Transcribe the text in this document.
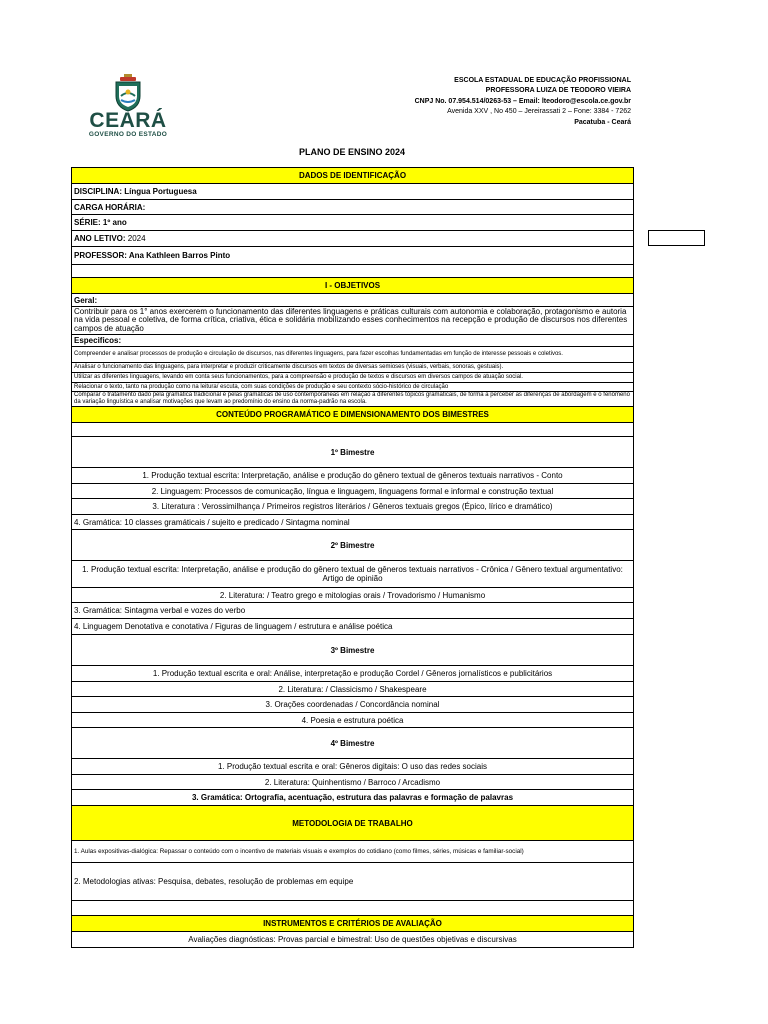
CEARÁ
GOVERNO DO ESTADO
ESCOLA ESTADUAL DE EDUCAÇÃO PROFISSIONAL
PROFESSORA LUIZA DE TEODORO VIEIRA
CNPJ No. 07.954.514/0263-53 – Email: lteodoro@escola.ce.gov.br
Avenida XXV , No 450 – Jereirassati 2 – Fone: 3384 - 7262
Pacatuba - Ceará
PLANO DE ENSINO 2024
DADOS DE IDENTIFICAÇÃO
DISCIPLINA: Língua Portuguesa
CARGA HORÁRIA:
SÉRIE: 1º ano
ANO LETIVO: 2024
PROFESSOR: Ana Kathleen Barros Pinto

I - OBJETIVOS
Geral:
Contribuir para os 1° anos exercerem o funcionamento das diferentes linguagens e práticas culturais com autonomia e colaboração, protagonismo e autoria na vida pessoal e coletiva, de forma crítica, criativa, ética e solidária mobilizando esses conhecimentos na recepção e produção de discursos nos diferentes campos de atuação
Especificos:
Compreender e analisar processos de produção e circulação de discursos, nas diferentes linguagens, para fazer escolhas fundamentadas em função de interesse pessoais e coletivos.
Analisar o funcionamento das linguagens, para interpretar e produzir criticamente discursos em textos de diversas semioses (visuais, verbais, sonoras, gestuais).
Utilizar as diferentes linguagens, levando em conta seus funcionamentos, para a compreensão e produção de textos e discursos em diversos campos de atuação social.
Relacionar o texto, tanto na produção como na leitura/ escuta, com suas condições de produção e seu contexto sócio-histórico de circulação
Comparar o tratamento dado pela gramática tradicional e pelas gramáticas de uso contemporâneas em relação a diferentes tópicos gramaticais, de forma a perceber as diferenças de abordagem e o fenômeno da variação linguística e analisar motivações que levam ao predomínio do ensino da norma-padrão na escola.
CONTEÚDO PROGRAMÁTICO E DIMENSIONAMENTO DOS BIMESTRES

1º Bimestre
1. Produção textual escrita: Interpretação, análise e produção do gênero textual de gêneros textuais narrativos - Conto
2. Linguagem: Processos de comunicação, língua e linguagem, linguagens formal e informal e construção textual
3. Literatura : Verossimilhança / Primeiros registros literários / Gêneros textuais gregos (Épico, lírico e dramático)
4. Gramática: 10 classes gramáticais / sujeito e predicado / Sintagma nominal
2º Bimestre
1. Produção textual escrita: Interpretação, análise e produção do gênero textual de gêneros textuais narrativos - Crônica / Gênero textual argumentativo: Artigo de opinião
2. Literatura: / Teatro grego e mitologias orais / Trovadorismo / Humanismo
3. Gramática: Sintagma verbal e vozes do verbo
4. Linguagem Denotativa e conotativa / Figuras de linguagem / estrutura e análise poética
3º Bimestre
1. Produção textual escrita e oral: Análise, interpretação e produção Cordel / Gêneros jornalísticos e publicitários
2. Literatura: / Classicismo / Shakespeare
3. Orações coordenadas / Concordância nominal
4. Poesia e estrutura poética
4º Bimestre
1. Produção textual escrita e oral: Gêneros digitais: O uso das redes sociais
2. Literatura: Quinhentismo / Barroco / Arcadismo
3. Gramática: Ortografia, acentuação, estrutura das palavras e formação de palavras
METODOLOGIA DE TRABALHO
1. Aulas expositivas-dialógica: Repassar o conteúdo com o incentivo de materiais visuais e exemplos do cotidiano (como filmes, séries, músicas e familiar-social)
2. Metodologias ativas: Pesquisa, debates, resolução de problemas em equipe

INSTRUMENTOS E CRITÉRIOS DE AVALIAÇÃO
Avaliações diagnósticas: Provas parcial e bimestral: Uso de questões objetivas e discursivas
